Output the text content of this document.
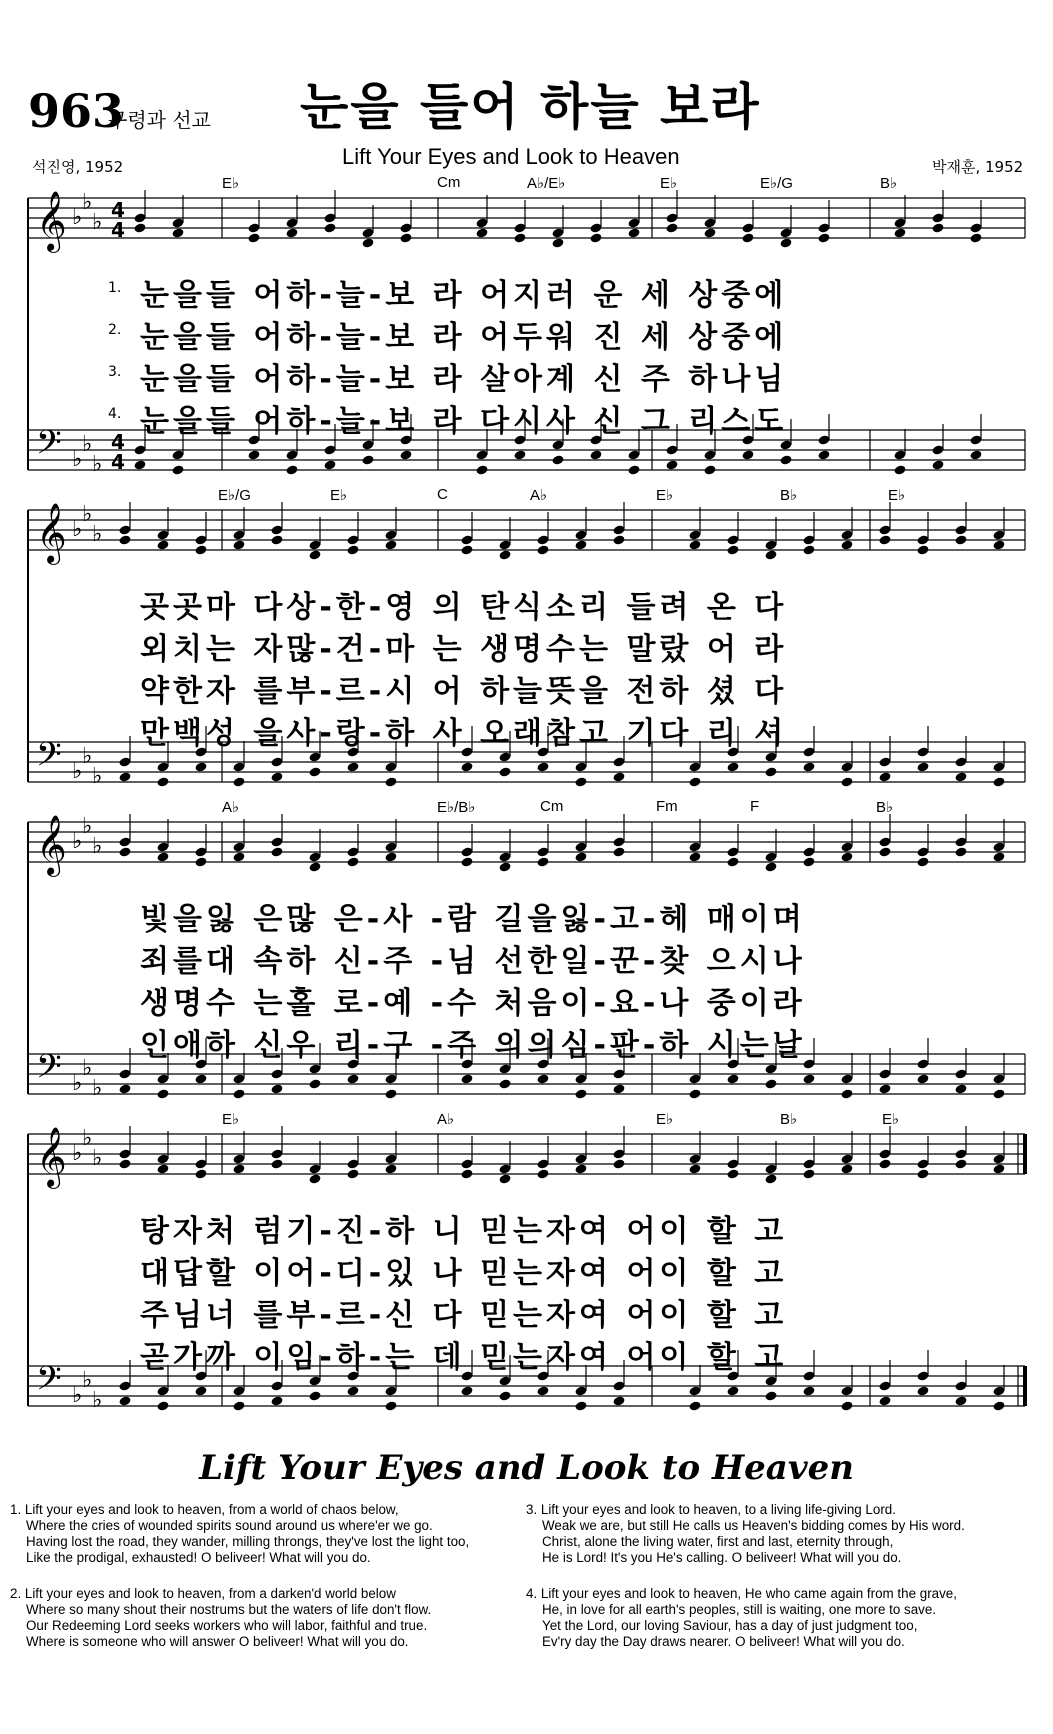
963
구령과 선교 눈을 들어 하늘 보라
Lift Your Eyes and Look to Heaven
석진영, 1952	박재훈, 1952
𝄞
𝄢
♭
♭
♭
♭
♭
♭
4
4
4
4
𝄞
𝄢
♭
♭
♭
♭
♭
♭
𝄞
𝄢
♭
♭
♭
♭
♭
♭
𝄞
𝄢
♭
♭
♭
♭
♭
♭
E♭	Cm	A♭/E♭	E♭	E♭/G	B♭
1. 눈을들 어하-늘-보 라 어지러 운 세 상중에
2. 눈을들 어하-늘-보 라 어두워 진 세 상중에
3. 눈을들 어하-늘-보 라 살아계 신 주 하나님
4. 눈을들 어하-늘-보 라 다시사 신 그 리스도
E♭/G	E♭	C	A♭	E♭	B♭	E♭
곳곳마 다상-한-영 의 탄식소리 들려 온 다
외치는 자많-건-마 는 생명수는 말랐 어 라
약한자 를부-르-시 어 하늘뜻을 전하 셨 다
만백성 을사-랑-하 사 오래참고 기다 리 셔
A♭	E♭/B♭	Cm	Fm	F	B♭
빛을잃 은많 은-사 -람 길을잃-고-헤 매이며
죄를대 속하 신-주 -님 선한일-꾼-찾 으시나
생명수 는홀 로-예 -수 처음이-요-나 중이라
인애하 신우 리-구 -주 의의심-판-하 시는날
E♭	A♭	E♭	B♭	E♭
탕자처 럼기-진-하 니 믿는자여 어이 할 고
대답할 이어-디-있 나 믿는자여 어이 할 고
주님너 를부-르-신 다 믿는자여 어이 할 고
곧가까 이임-하-는 데 믿는자여 어이 할 고
Lift Your Eyes and Look to Heaven
1. Lift your eyes and look to heaven, from a world of chaos below,
Where the cries of wounded spirits sound around us where'er we go.
Having lost the road, they wander, milling throngs, they've lost the light too,
Like the prodigal, exhausted! O beliveer! What will you do.
2. Lift your eyes and look to heaven, from a darken'd world below
Where so many shout their nostrums but the waters of life don't flow.
Our Redeeming Lord seeks workers who will labor, faithful and true.
Where is someone who will answer O beliveer! What will you do.
3. Lift your eyes and look to heaven, to a living life-giving Lord.
Weak we are, but still He calls us Heaven's bidding comes by His word.
Christ, alone the living water, first and last, eternity through,
He is Lord! It's you He's calling. O beliveer! What will you do.
4. Lift your eyes and look to heaven, He who came again from the grave,
He, in love for all earth's peoples, still is waiting, one more to save.
Yet the Lord, our loving Saviour, has a day of just judgment too,
Ev'ry day the Day draws nearer. O beliveer! What will you do.
